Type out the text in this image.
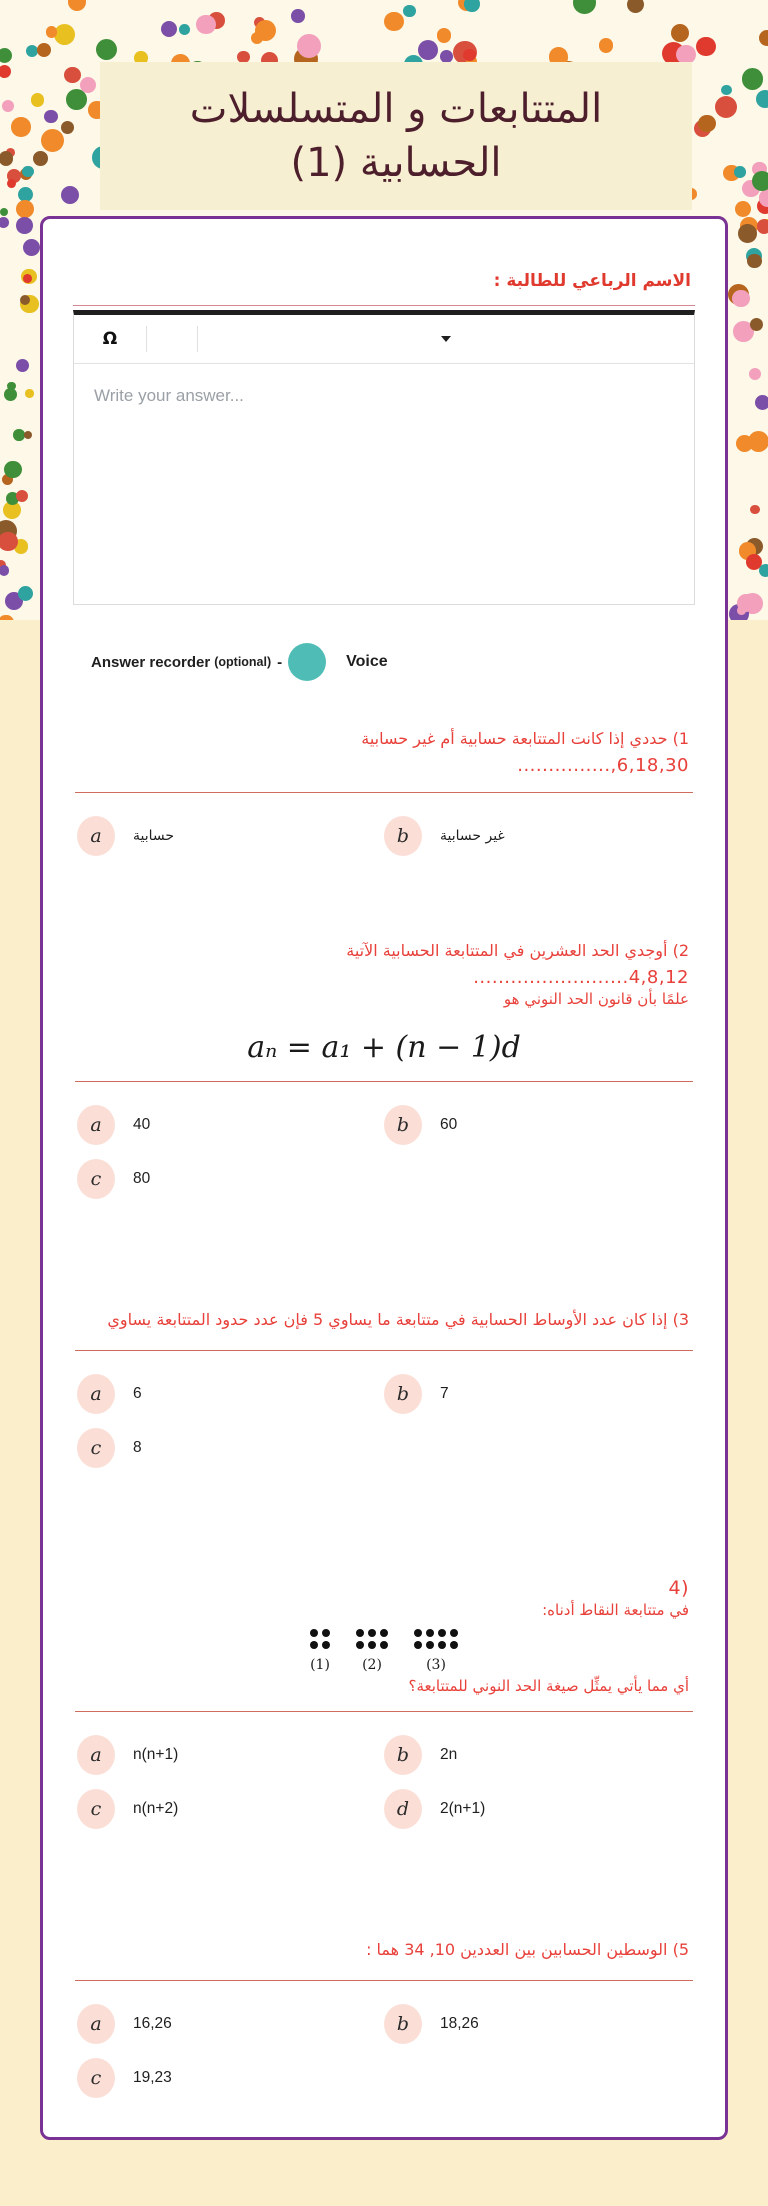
المتتابعات و المتسلسلات الحسابية (1)
الاسم الرباعي للطالبة :
Ω
Write your answer...
Answer recorder (optional) -	Voice
1) حددي إذا كانت المتتابعة حسابية أم غير حسابية
6,18,30,...............
a	حسابية	b	غير حسابية
2) أوجدي الحد العشرين في المتتابعة الحسابية الآتية
4,8,12.........................
علمًا بأن قانون الحد النوني هو
aₙ = a₁ + (n − 1)d
a	40	b	60
c	80
3) إذا كان عدد الأوساط الحسابية في متتابعة ما يساوي 5 فإن عدد حدود المتتابعة يساوي
a	6	b	7
c	8
(4
في متتابعة النقاط أدناه:
(1)	(2)	(3)
أي مما يأتي يمثِّل صيغة الحد النوني للمتتابعة؟
a	n(n+1)	b	2n
c	n(n+2)	d	2(n+1)
5) الوسطين الحسابين بين العددين 10, 34 هما :
a	16,26	b	18,26
c	19,23
